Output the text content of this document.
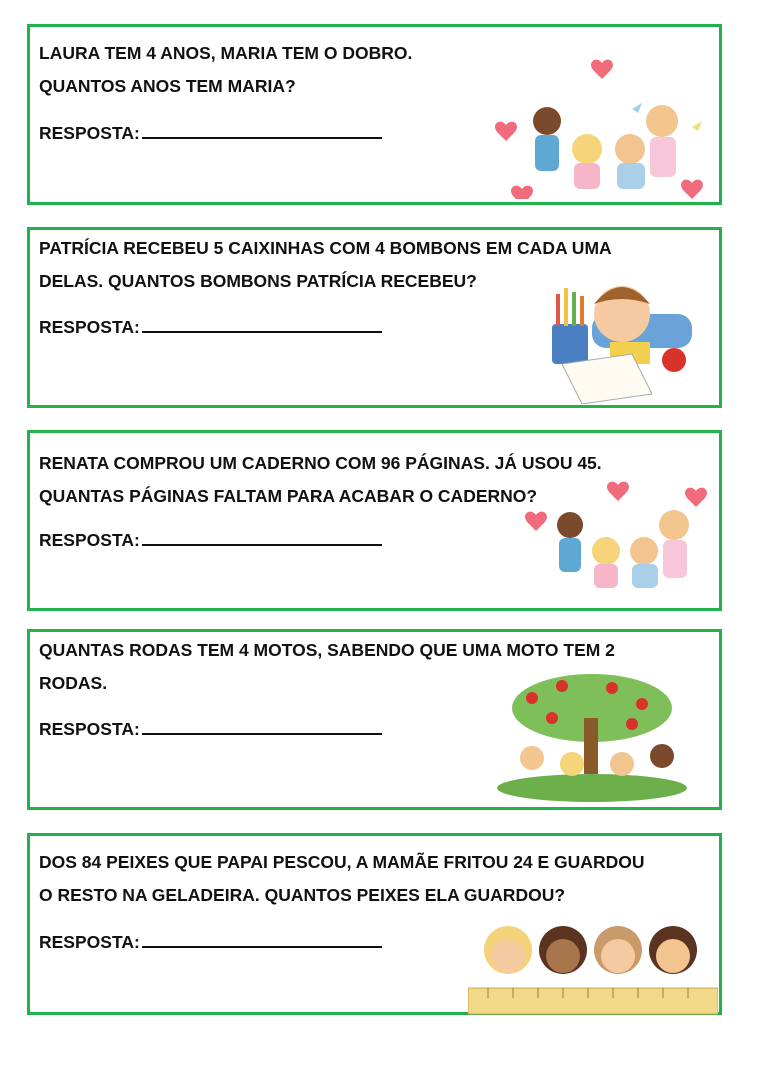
LAURA TEM 4 ANOS, MARIA TEM O DOBRO.

QUANTOS ANOS TEM MARIA?

RESPOSTA:

PATRÍCIA RECEBEU 5 CAIXINHAS COM 4 BOMBONS EM CADA UMA

DELAS. QUANTOS BOMBONS PATRÍCIA RECEBEU?

RESPOSTA:

RENATA COMPROU UM CADERNO COM 96 PÁGINAS. JÁ USOU 45.

QUANTAS PÁGINAS FALTAM PARA ACABAR O CADERNO?

RESPOSTA:

QUANTAS RODAS TEM 4 MOTOS, SABENDO QUE UMA MOTO TEM 2

RODAS.

RESPOSTA:

DOS 84 PEIXES QUE PAPAI PESCOU, A MAMÃE FRITOU 24 E GUARDOU

O RESTO NA GELADEIRA. QUANTOS PEIXES ELA GUARDOU?

RESPOSTA:
